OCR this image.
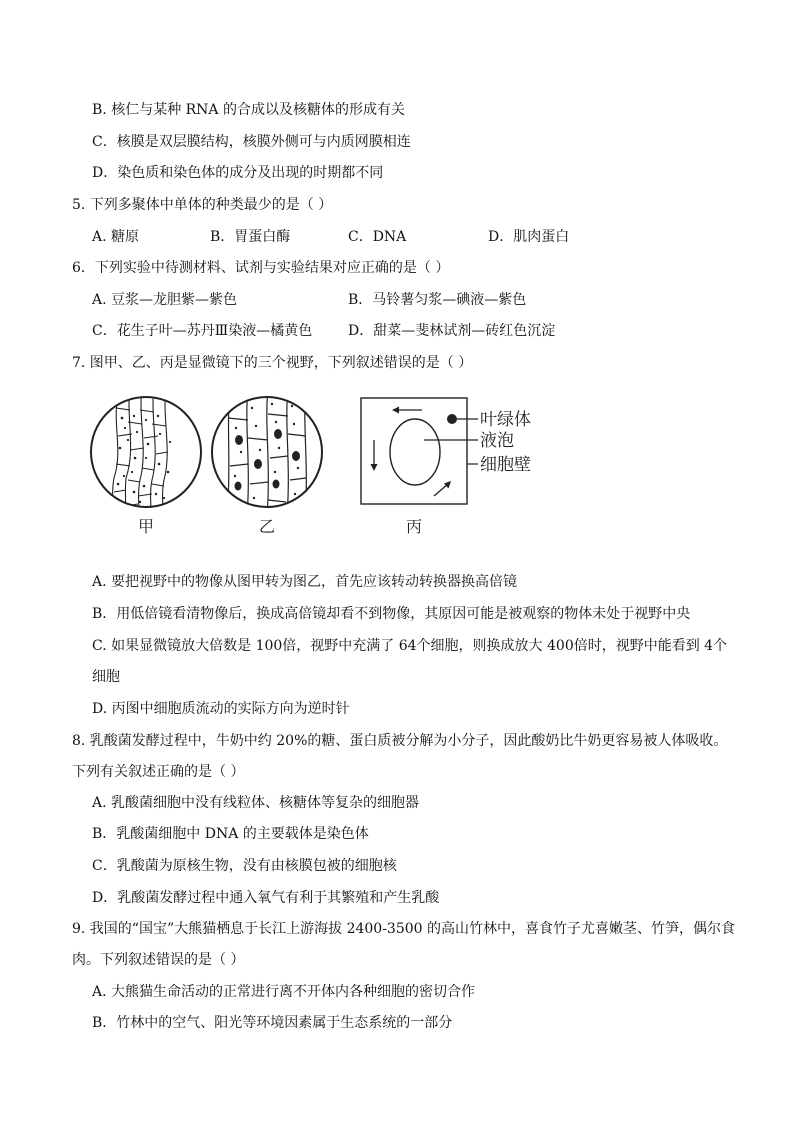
B. 核仁与某种 RNA 的合成以及核糖体的形成有关
C．核膜是双层膜结构，核膜外侧可与内质网膜相连
D．染色质和染色体的成分及出现的时期都不同
5. 下列多聚体中单体的种类最少的是（ ）
A. 糖原	B．胃蛋白酶	C．DNA	D．肌肉蛋白
6．下列实验中待测材料、试剂与实验结果对应正确的是（ ）
A. 豆浆—龙胆紫—紫色	B．马铃薯匀浆—碘液—紫色
C．花生子叶—苏丹Ⅲ染液—橘黄色	D．甜菜—斐林试剂—砖红色沉淀
7. 图甲、乙、丙是显微镜下的三个视野，下列叙述错误的是（ ）
叶绿体
液泡
细胞壁
甲	乙	丙
A. 要把视野中的物像从图甲转为图乙，首先应该转动转换器换高倍镜
B．用低倍镜看清物像后，换成高倍镜却看不到物像，其原因可能是被观察的物体未处于视野中央
C. 如果显微镜放大倍数是 100倍，视野中充满了 64个细胞，则换成放大 400倍时，视野中能看到 4个
细胞
D. 丙图中细胞质流动的实际方向为逆时针
8. 乳酸菌发酵过程中，牛奶中约 20%的糖、蛋白质被分解为小分子，因此酸奶比牛奶更容易被人体吸收。
下列有关叙述正确的是（ ）
A. 乳酸菌细胞中没有线粒体、核糖体等复杂的细胞器
B．乳酸菌细胞中 DNA 的主要载体是染色体
C．乳酸菌为原核生物，没有由核膜包被的细胞核
D．乳酸菌发酵过程中通入氧气有利于其繁殖和产生乳酸
9. 我国的“国宝”大熊猫栖息于长江上游海拔 2400-3500 的高山竹林中，喜食竹子尤喜嫩茎、竹笋，偶尔食
肉。下列叙述错误的是（ ）
A. 大熊猫生命活动的正常进行离不开体内各种细胞的密切合作
B．竹林中的空气、阳光等环境因素属于生态系统的一部分
